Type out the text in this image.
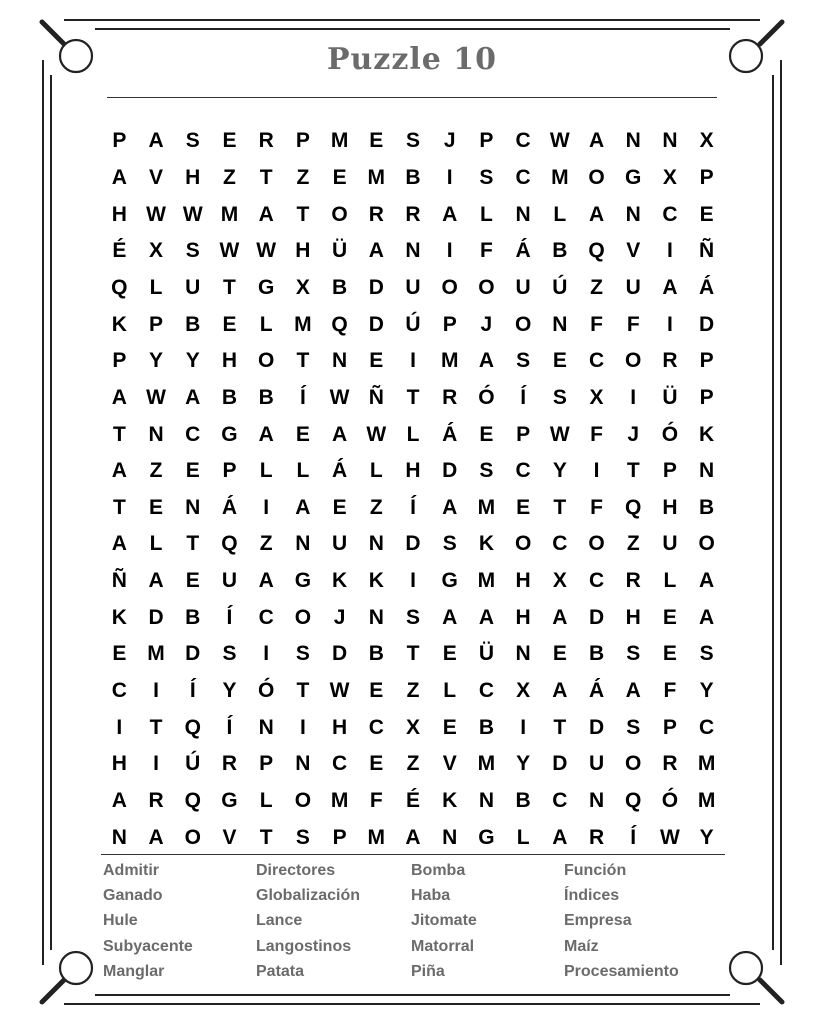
Puzzle 10
P	A	S	E	R	P M E	S	J	P	C W A	N	N	X
A	V	H	Z	T	Z	E M B	I	S	C M O G	X	P
H W W M A	T	O R	R	A	L	N	L	A	N	C	E
É	X	S W W H	Ü	A	N	I	F	Á	B Q	V	I	Ñ
Q	L	U	T	G	X	B	D	U O O U	Ú	Z	U	A	Á
K	P	B	E	L	M Q D	Ú	P	J	O N	F	F	I	D
P	Y	Y	H O	T	N	E	I	M A	S	E	C O R	P
A W A	B	B	Í	W Ñ	T	R Ó	Í	S	X	I	Ü	P
T	N	C G A	E	A W L	Á	E	P W F	J	Ó K
A	Z	E	P	L	L	Á	L	H	D	S	C	Y	I	T	P	N
T	E	N	Á	I	A	E	Z	Í	A M E	T	F	Q H	B
A	L	T	Q	Z	N	U	N	D	S	K O C O	Z	U O
Ñ	A	E	U	A G K	K	I	G M H	X	C	R	L	A
K	D	B	Í	C O	J	N	S	A	A	H	A	D	H	E	A
E M D	S	I	S	D	B	T	E	Ü	N	E	B	S	E	S
C	I	Í	Y	Ó	T W E	Z	L	C	X	A	Á	A	F	Y
I	T	Q	Í	N	I	H	C	X	E	B	I	T	D	S	P	C
H	I	Ú	R	P	N	C	E	Z	V M Y	D	U O R M
A	R Q G	L	O M	F	É	K	N	B	C	N Q Ó M
N	A O	V	T	S	P M A	N G	L	A	R	Í	W Y
Admitir	Directores	Bomba	Función
Ganado	Globalización	Haba	Índices
Hule	Lance	Jitomate	Empresa
Subyacente	Langostinos	Matorral	Maíz
Manglar	Patata	Piña	Procesamiento
